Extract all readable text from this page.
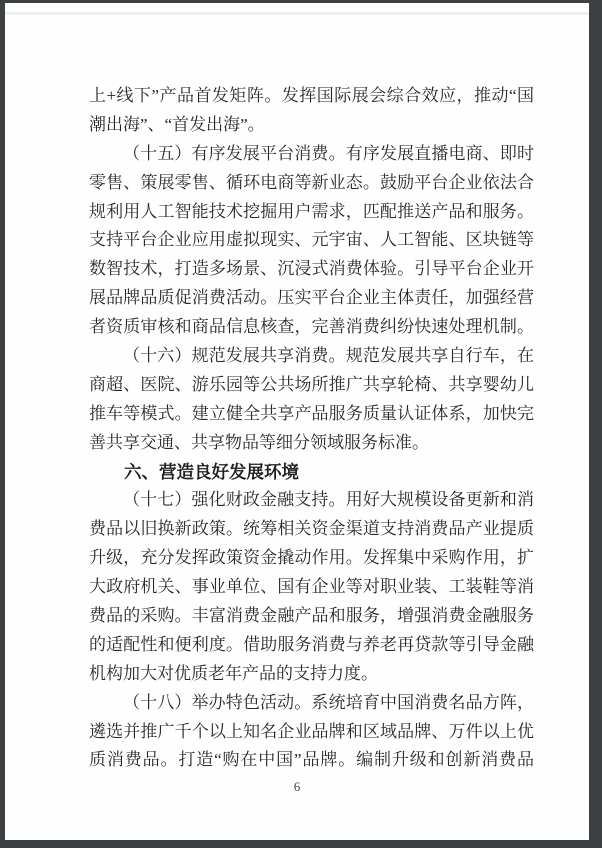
上+线下”产品首发矩阵。发挥国际展会综合效应，推动“国
潮出海”、“首发出海”。
（十五）有序发展平台消费。有序发展直播电商、即时
零售、策展零售、循环电商等新业态。鼓励平台企业依法合
规利用人工智能技术挖掘用户需求，匹配推送产品和服务。
支持平台企业应用虚拟现实、元宇宙、人工智能、区块链等
数智技术，打造多场景、沉浸式消费体验。引导平台企业开
展品牌品质促消费活动。压实平台企业主体责任，加强经营
者资质审核和商品信息核查，完善消费纠纷快速处理机制。
（十六）规范发展共享消费。规范发展共享自行车，在
商超、医院、游乐园等公共场所推广共享轮椅、共享婴幼儿
推车等模式。建立健全共享产品服务质量认证体系，加快完
善共享交通、共享物品等细分领域服务标准。
六、营造良好发展环境
（十七）强化财政金融支持。用好大规模设备更新和消
费品以旧换新政策。统筹相关资金渠道支持消费品产业提质
升级，充分发挥政策资金撬动作用。发挥集中采购作用，扩
大政府机关、事业单位、国有企业等对职业装、工装鞋等消
费品的采购。丰富消费金融产品和服务，增强消费金融服务
的适配性和便利度。借助服务消费与养老再贷款等引导金融
机构加大对优质老年产品的支持力度。
（十八）举办特色活动。系统培育中国消费名品方阵，
遴选并推广千个以上知名企业品牌和区域品牌、万件以上优
质消费品。打造“购在中国”品牌。编制升级和创新消费品
6
